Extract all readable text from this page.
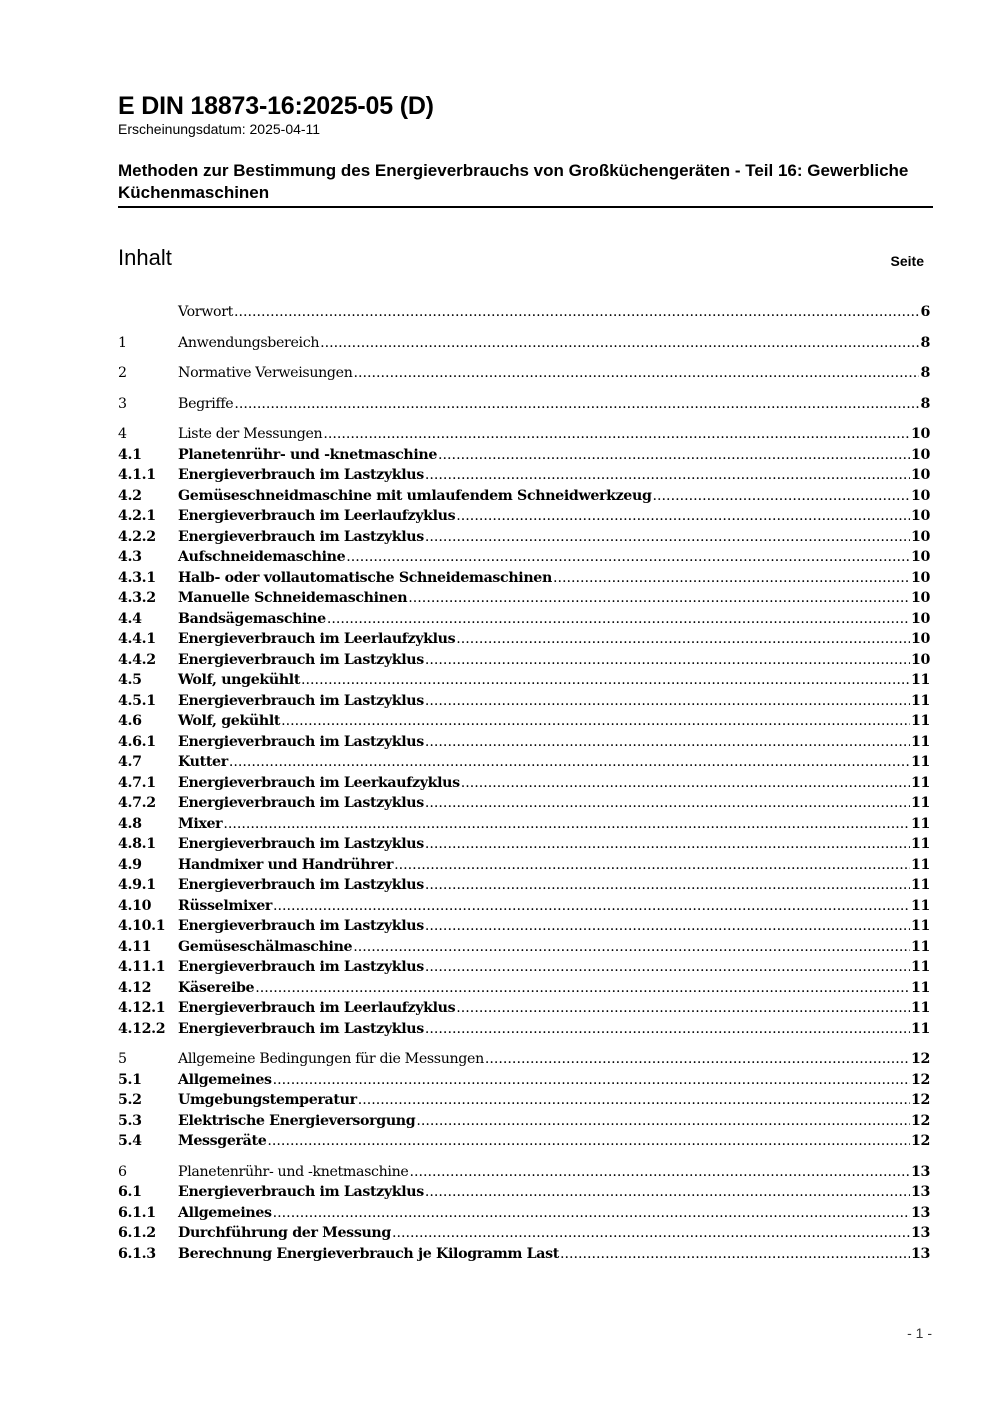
E DIN 18873-16:2025-05 (D)
Erscheinungsdatum: 2025-04-11
Methoden zur Bestimmung des Energieverbrauchs von Großküchengeräten - Teil 16: Gewerbliche Küchenmaschinen
Inhalt	Seite
Vorwort .....	6
1	Anwendungsbereich .....	8
2	Normative Verweisungen .....	8
3	Begriffe .....	8
4	Liste der Messungen .....	10
4.1	Planetenrühr- und -knetmaschine .....	10
4.1.1	Energieverbrauch im Lastzyklus .....	10
4.2	Gemüseschneidmaschine mit umlaufendem Schneidwerkzeug .....	10
4.2.1	Energieverbrauch im Leerlaufzyklus .....	10
4.2.2	Energieverbrauch im Lastzyklus .....	10
4.3	Aufschneidemaschine .....	10
4.3.1	Halb- oder vollautomatische Schneidemaschinen .....	10
4.3.2	Manuelle Schneidemaschinen .....	10
4.4	Bandsägemaschine .....	10
4.4.1	Energieverbrauch im Leerlaufzyklus .....	10
4.4.2	Energieverbrauch im Lastzyklus .....	10
4.5	Wolf, ungekühlt .....	11
4.5.1	Energieverbrauch im Lastzyklus .....	11
4.6	Wolf, gekühlt .....	11
4.6.1	Energieverbrauch im Lastzyklus .....	11
4.7	Kutter .....	11
4.7.1	Energieverbrauch im Leerkaufzyklus .....	11
4.7.2	Energieverbrauch im Lastzyklus .....	11
4.8	Mixer .....	11
4.8.1	Energieverbrauch im Lastzyklus .....	11
4.9	Handmixer und Handrührer .....	11
4.9.1	Energieverbrauch im Lastzyklus .....	11
4.10	Rüsselmixer .....	11
4.10.1 Energieverbrauch im Lastzyklus .....	11
4.11	Gemüseschälmaschine .....	11
4.11.1 Energieverbrauch im Lastzyklus .....	11
4.12	Käsereibe .....	11
4.12.1 Energieverbrauch im Leerlaufzyklus .....	11
4.12.2 Energieverbrauch im Lastzyklus .....	11
5	Allgemeine Bedingungen für die Messungen .....	12
5.1	Allgemeines .....	12
5.2	Umgebungstemperatur .....	12
5.3	Elektrische Energieversorgung .....	12
5.4	Messgeräte .....	12
6	Planetenrühr- und -knetmaschine .....	13
6.1	Energieverbrauch im Lastzyklus .....	13
6.1.1	Allgemeines .....	13
6.1.2	Durchführung der Messung .....	13
6.1.3	Berechnung Energieverbrauch je Kilogramm Last .....	13
- 1 -
